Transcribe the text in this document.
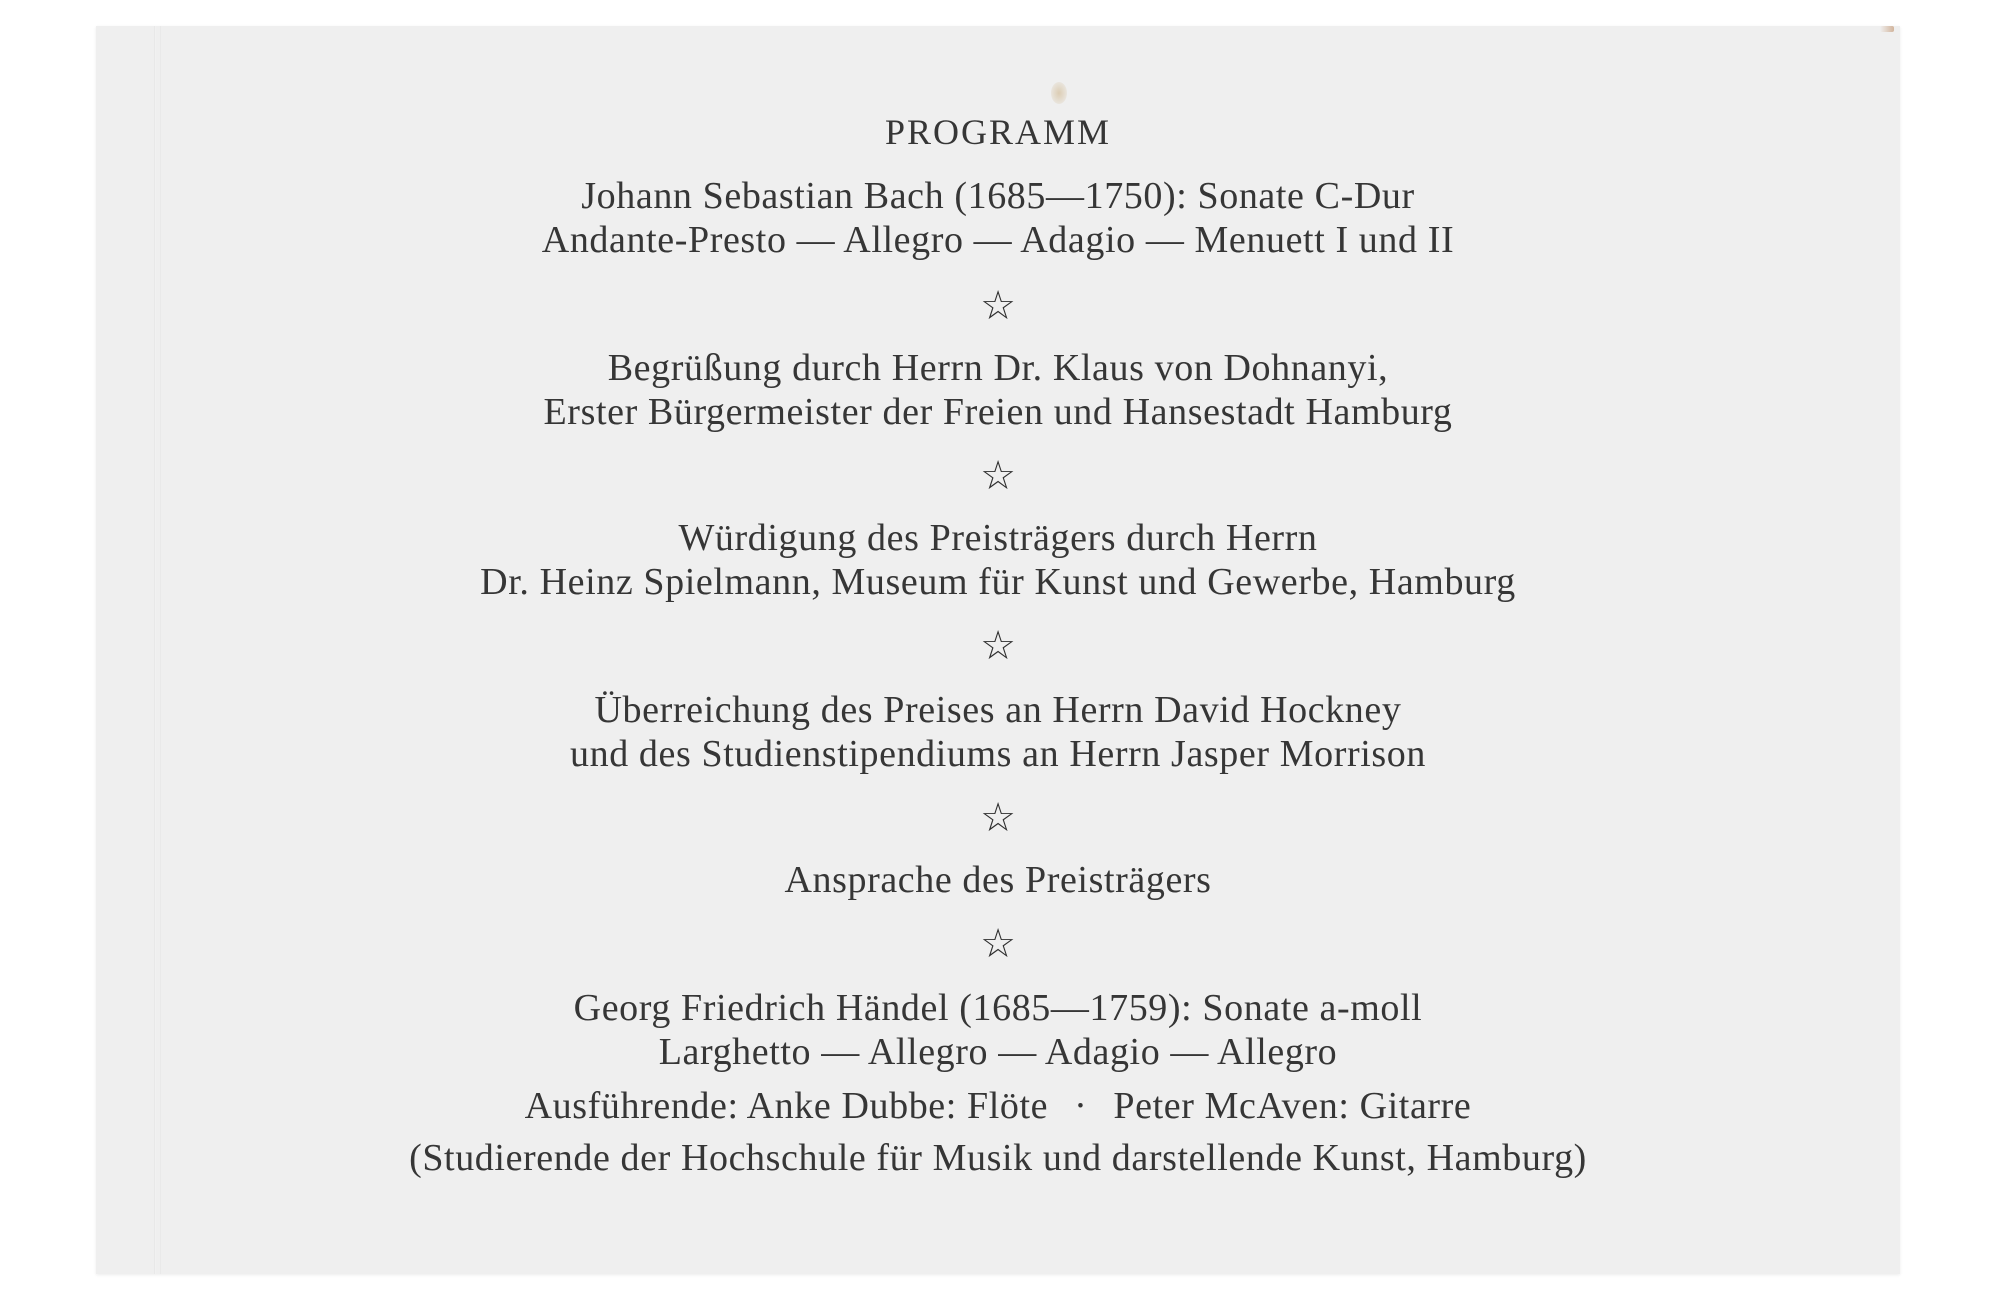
PROGRAMM
Johann Sebastian Bach (1685—1750): Sonate C-Dur
Andante-Presto — Allegro — Adagio — Menuett I und II
☆
Begrüßung durch Herrn Dr. Klaus von Dohnanyi,
Erster Bürgermeister der Freien und Hansestadt Hamburg
☆
Würdigung des Preisträgers durch Herrn
Dr. Heinz Spielmann, Museum für Kunst und Gewerbe, Hamburg
☆
Überreichung des Preises an Herrn David Hockney
und des Studienstipendiums an Herrn Jasper Morrison
☆
Ansprache des Preisträgers
☆
Georg Friedrich Händel (1685—1759): Sonate a-moll
Larghetto — Allegro — Adagio — Allegro
Ausführende: Anke Dubbe: Flöte · Peter McAven: Gitarre
(Studierende der Hochschule für Musik und darstellende Kunst, Hamburg)
